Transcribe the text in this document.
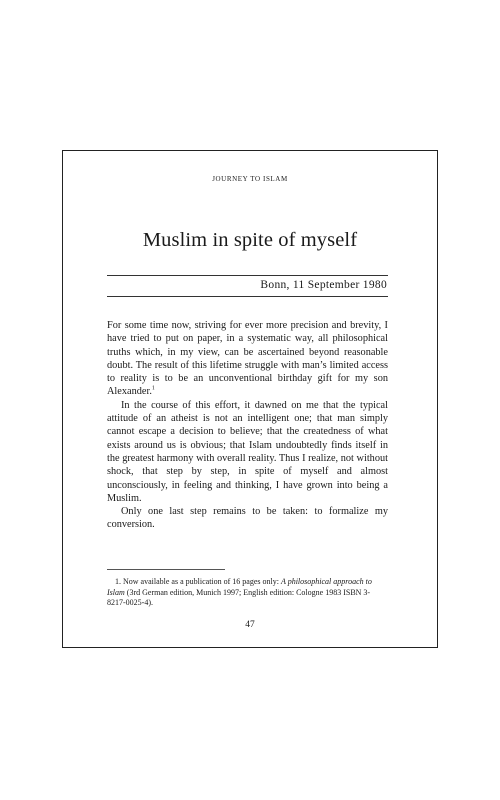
JOURNEY TO ISLAM
Muslim in spite of myself
Bonn, 11 September 1980

For some time now, striving for ever more precision and brevity, I have tried to put on paper, in a systematic way, all philosophical truths which, in my view, can be ascertained beyond reasonable doubt. The result of this lifetime struggle with man’s limited access to reality is to be an unconventional birthday gift for my son Alexander.$^1$

In the course of this effort, it dawned on me that the typical attitude of an atheist is not an intelligent one; that man simply cannot escape a decision to believe; that the createdness of what exists around us is obvious; that Islam undoubtedly finds itself in the greatest harmony with overall reality. Thus I realize, not without shock, that step by step, in spite of myself and almost unconsciously, in feeling and thinking, I have grown into being a Muslim.

Only one last step remains to be taken: to formalize my conversion.

1. Now available as a publication of 16 pages only: A philosophical approach to Islam (3rd German edition, Munich 1997; English edition: Cologne 1983 ISBN 3-8217-0025-4).
47
